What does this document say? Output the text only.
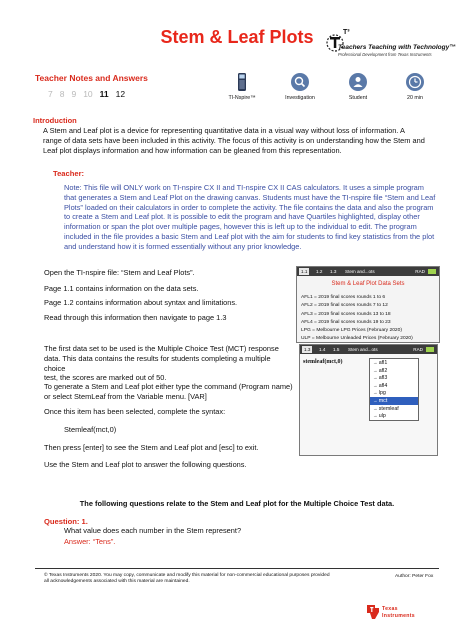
Stem & Leaf Plots	T³
Teachers Teaching with Technology™
Professional Development from Texas Instruments
Teacher Notes and Answers
7 8 9 10 11 12	TI-Nspire™	Investigation	Student	20 min
Introduction
A Stem and Leaf plot is a device for representing quantitative data in a visual way without loss of information. A
range of data sets have been included in this activity. The focus of this activity is on understanding how the Stem and
Leaf plot displays information and how information can be gleaned from this representation.
Teacher:
Note: This file will ONLY work on TI-nspire CX II and TI-nspire CX II CAS calculators. It uses a simple program
that generates a Stem and Leaf Plot on the drawing canvas. Students must have the TI-nspire file “Stem and Leaf
Plots” loaded on their calculators in order to complete the activity. The file contains the data and also the program
to create a Stem and Leaf plot. It is possible to edit the program and have Quartiles highlighted, display other
information or span the plot over multiple pages, however this is left up to the individual to edit. The program
included in the file provides a basic Stem and Leaf plot with the aim for students to find key statistics from the plot
and understand how it is formed essentially without any prior knowledge.
Open the TI-nspire file: “Stem and Leaf Plots”.
Page 1.1 contains information on the data sets.
Page 1.2 contains information about syntax and limitations.
Read through this information then navigate to page 1.3
1.1	1.2	1.3	Stem and...ots	RAD
Stem & Leaf Plot Data Sets
AFL1 = 2019 final scores rounds 1 to 6
AFL2 = 2019 final scores rounds 7 to 12
AFL3 = 2019 final scores rounds 13 to 18
AFL4 = 2019 final scores rounds 19 to 23
LPG = Melbourne LPG Prices (February 2020)
ULP = Melbourne Unleaded Prices (February 2020)
The first data set to be used is the Multiple Choice Test (MCT) response
data. This data contains the results for students completing a multiple choice
test, the scores are marked out of 50.
To generate a Stem and Leaf plot either type the command (Program name)
or select StemLeaf from the Variable menu. [VAR]
Once this item has been selected, complete the syntax:
Stemleaf(mct,0)
Then press [enter] to see the Stem and Leaf plot and [esc] to exit.
Use the Stem and Leaf plot to answer the following questions.
1.3	1.4	1.5	Stem and...ots	RAD
stemleaf(mct,0)	→ afl1
→ afl2
→ afl3
→ afl4
→ lpg
→ mct
→ stemleaf
→ ulp
The following questions relate to the Stem and Leaf plot for the Multiple Choice Test data.
Question: 1.
What value does each number in the Stem represent?
Answer: “Tens”.
© Texas Instruments 2020. You may copy, communicate and modify this material for non-commercial educational purposes provided
all acknowledgements associated with this material are maintained.
Author: Peter Fox
Texas
Instruments
